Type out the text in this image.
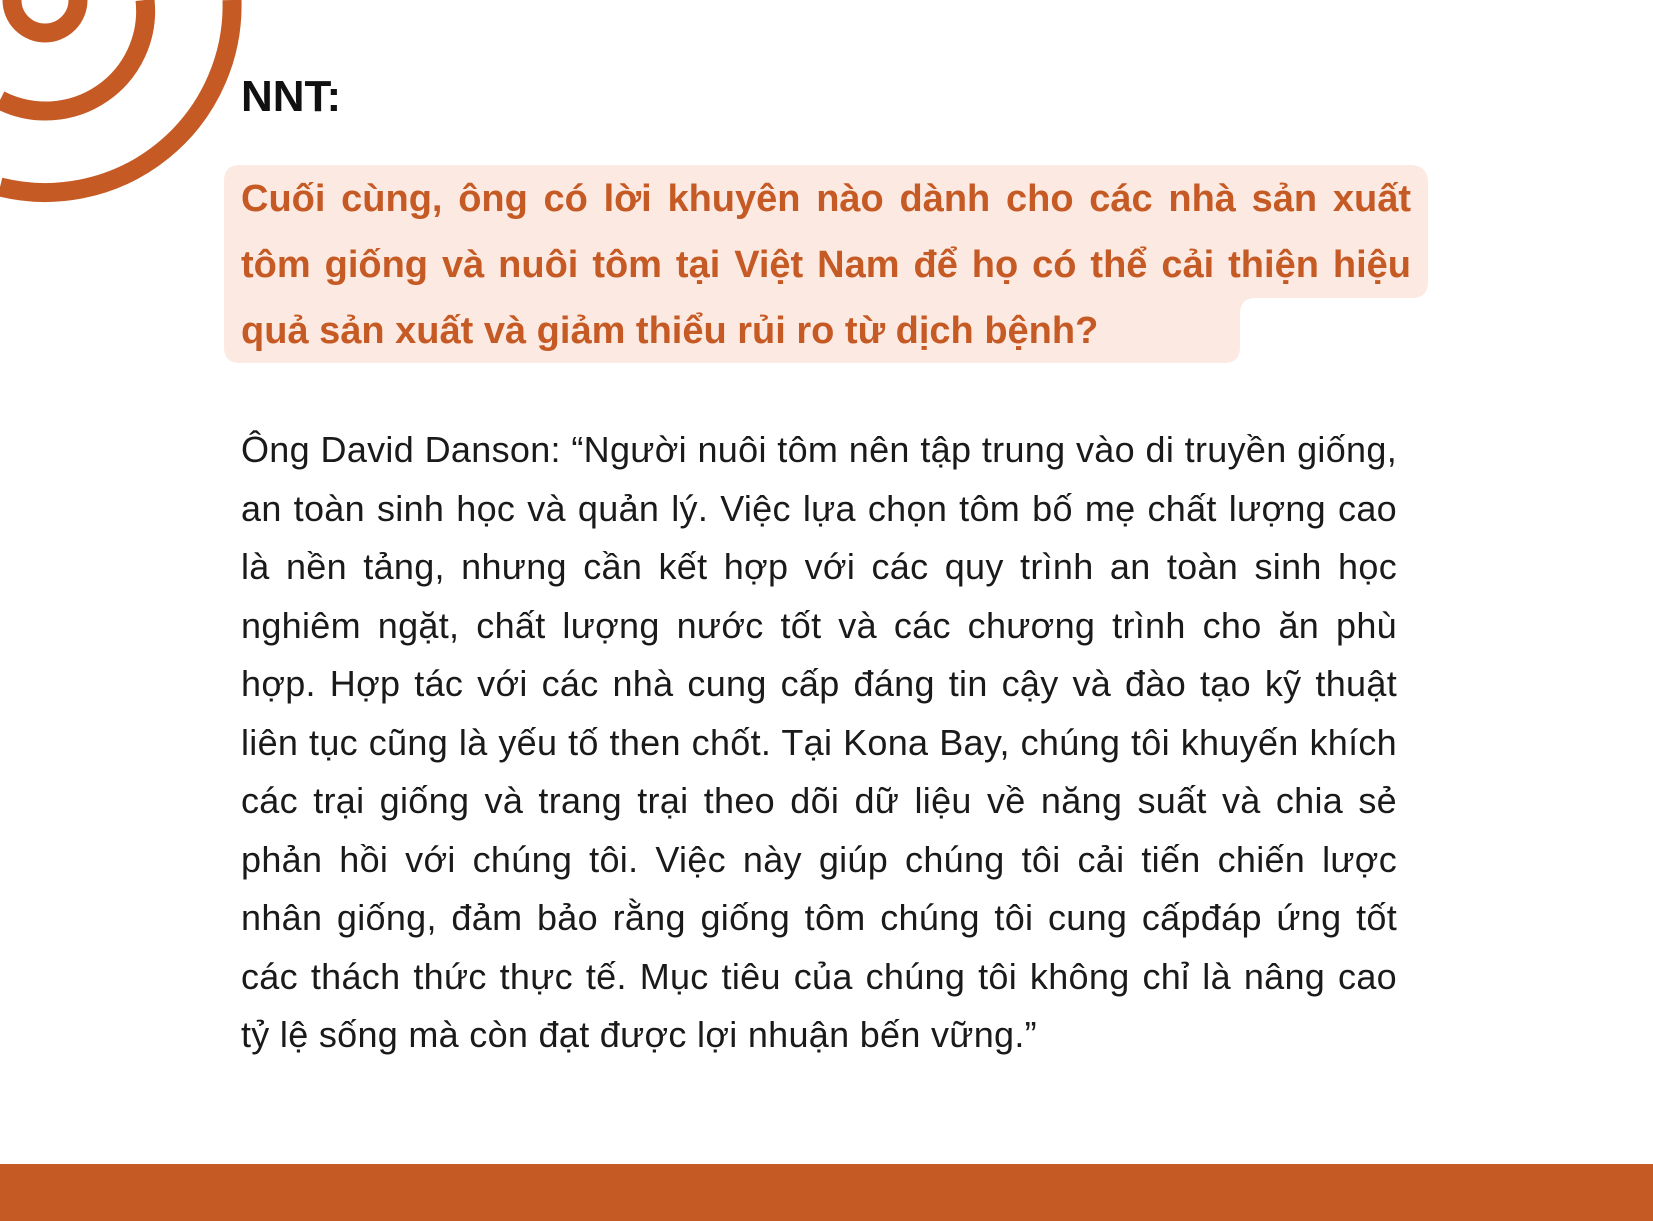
NNT:

Cuối cùng, ông có lời khuyên nào dành cho các nhà sản xuất tôm giống và nuôi tôm tại Việt Nam để họ có thể cải thiện hiệu quả sản xuất và giảm thiểu rủi ro từ dịch bệnh?

Ông David Danson: “Người nuôi tôm nên tập trung vào di truyền giống, an toàn sinh học và quản lý. Việc lựa chọn tôm bố mẹ chất lượng cao là nền tảng, nhưng cần kết hợp với các quy trình an toàn sinh học nghiêm ngặt, chất lượng nước tốt và các chương trình cho ăn phù hợp. Hợp tác với các nhà cung cấp đáng tin cậy và đào tạo kỹ thuật liên tục cũng là yếu tố then chốt. Tại Kona Bay, chúng tôi khuyến khích các trại giống và trang trại theo dõi dữ liệu về năng suất và chia sẻ phản hồi với chúng tôi. Việc này giúp chúng tôi cải tiến chiến lược nhân giống, đảm bảo rằng giống tôm chúng tôi cung cấpđáp ứng tốt các thách thức thực tế. Mục tiêu của chúng tôi không chỉ là nâng cao tỷ lệ sống mà còn đạt được lợi nhuận bến vững.”
